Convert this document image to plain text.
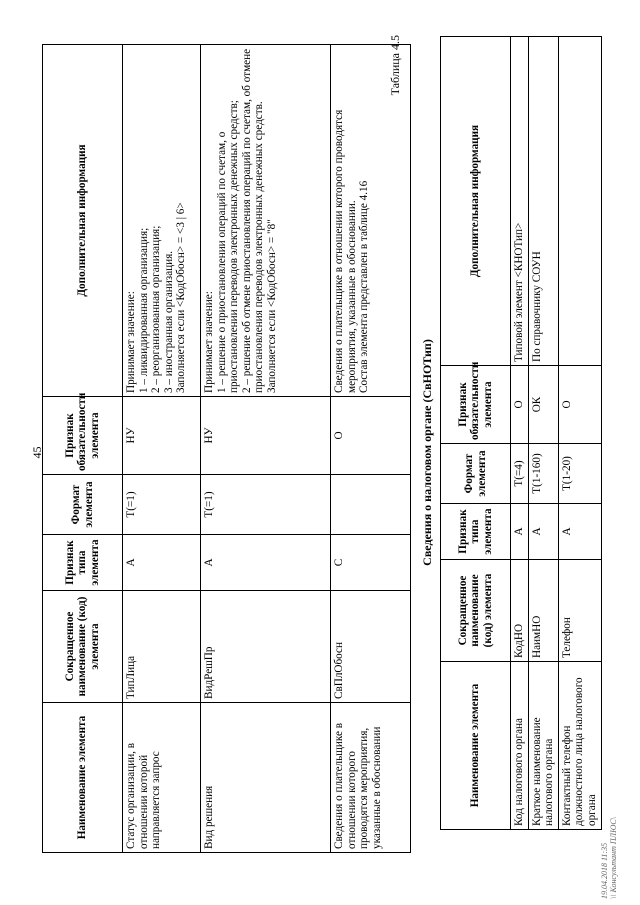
45
Наименование элемента	Сокращенное наименование (код) элемента	Признак типа элемента	Формат элемента	Признак обязательности элемента	Дополнительная информация
Статус организации, в отношении которой направляется запрос	ТипЛица	А	T(=1)	НУ	Принимает значение: 1 – ликвидированная организация; 2 – реорганизованная организация; 3 – иностранная организация. Заполняется если <КодОбосн> = <3 | 6>

Вид решения	ВидРешПр	А	T(=1)	НУ	Принимает значение: 1 – решение о приостановлении операций по счетам, о приостановлении переводов электронных денежных средств; 2 – решение об отмене приостановления операций по счетам, об отмене приостановления переводов электронных денежных средств. Заполняется если <КодОбосн> = "8"

Сведения о плательщике в отношении которого проводятся мероприятия, указанные в обосновании	СвПлОбосн	С		О	Сведения о плательщике в отношении которого проводятся мероприятия, указанные в обосновании. Состав элемента представлен в таблице 4.16
Таблица 4.5
Сведения о налоговом органе (СвНОТип)
Наименование элемента	Сокращенное наименование (код) элемента	Признак типа элемента	Формат элемента	Признак обязательности элемента	Дополнительная информация
Код налогового органа	КодНО	А	T(=4)	О	Типовой элемент <КНОТип>
Краткое наименование налогового органа	НаимНО	А	T(1-160)	ОК	По справочнику СОУН
Контактный телефон должностного лица налогового органа	Телефон	А	T(1-20)	О	
19.04.2018 11:35 \\ Консультант ПЛЮС\
